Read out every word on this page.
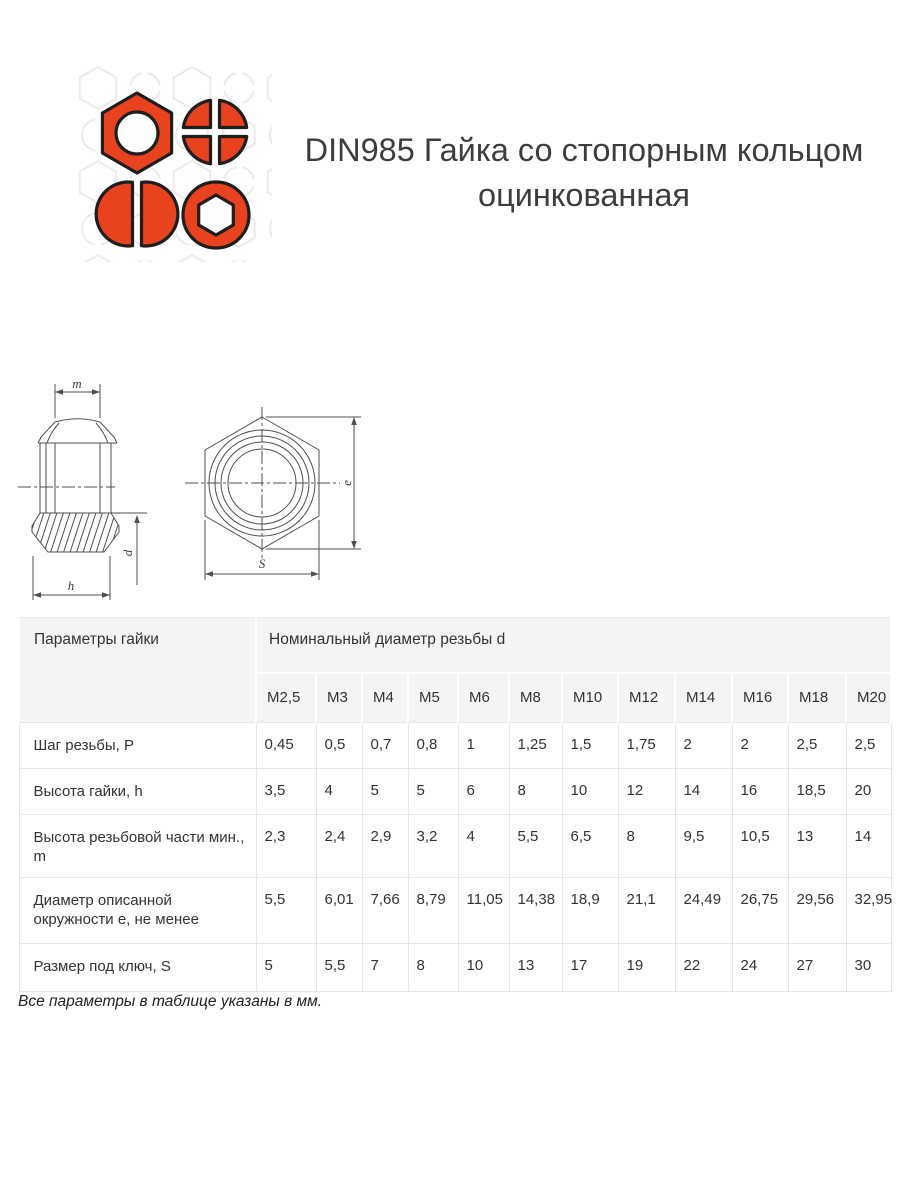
DIN985 Гайка со стопорным кольцом
оцинкованная
m
d
h
e
S
Параметры гайки	Номинальный диаметр резьбы d											
	M2,5	M3	M4	M5	M6	M8	M10	M12	M14	M16	M18	M20
Шаг резьбы, P	0,45	0,5	0,7	0,8	1	1,25	1,5	1,75	2	2	2,5	2,5
Высота гайки, h	3,5	4	5	5	6	8	10	12	14	16	18,5	20
Высота резьбовой части мин., m	2,3	2,4	2,9	3,2	4	5,5	6,5	8	9,5	10,5	13	14
Диаметр описанной окружности е, не менее	5,5	6,01	7,66	8,79	11,05	14,38	18,9	21,1	24,49	26,75	29,56	32,95
Размер под ключ, S	5	5,5	7	8	10	13	17	19	22	24	27	30
Все параметры в таблице указаны в мм.
